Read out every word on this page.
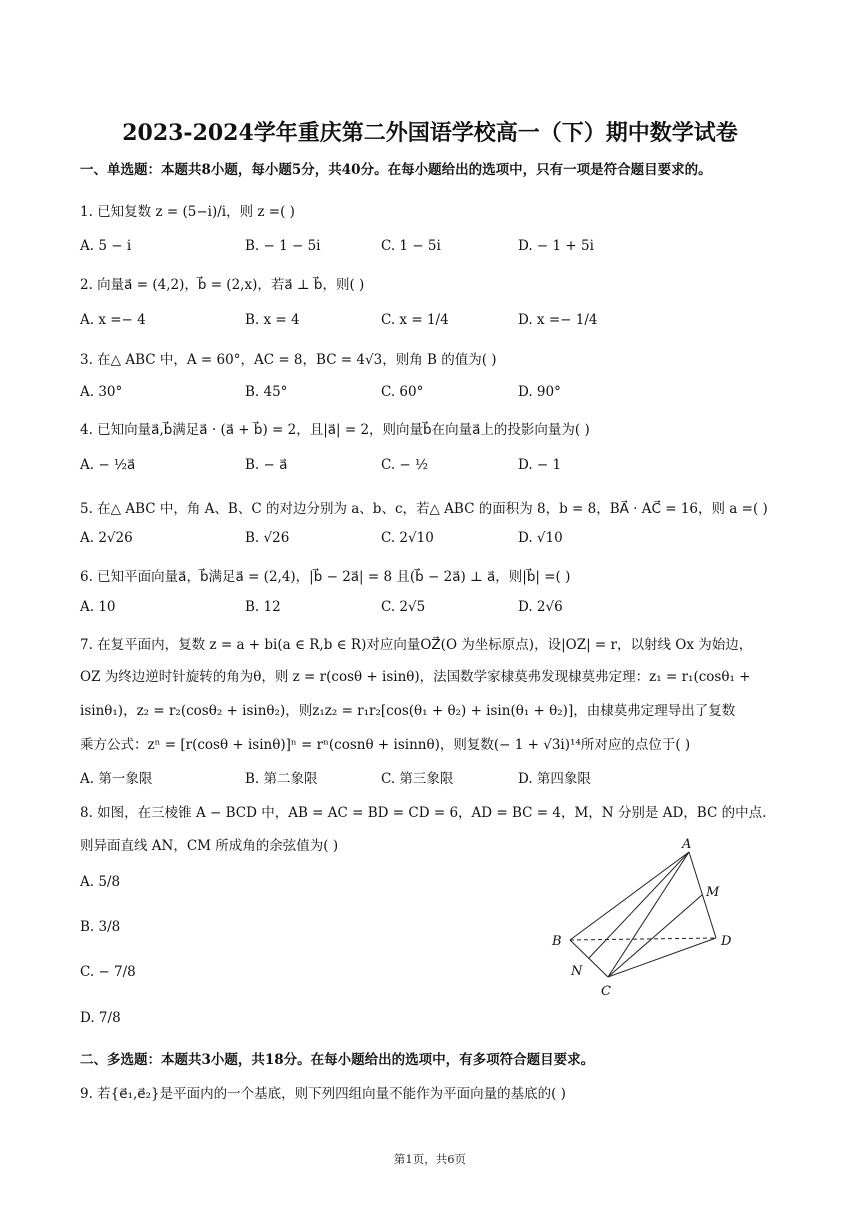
2023-2024学年重庆第二外国语学校高一（下）期中数学试卷
一、单选题：本题共8小题，每小题5分，共40分。在每小题给出的选项中，只有一项是符合题目要求的。
1. 已知复数 z = (5−i)/i，则 z =( )
A. 5 − i	B. − 1 − 5i	C. 1 − 5i	D. − 1 + 5i
2. 向量a⃗ = (4,2)，b⃗ = (2,x)，若a⃗ ⊥ b⃗，则( )
A. x =− 4	B. x = 4	C. x = 1/4	D. x =− 1/4
3. 在△ ABC 中，A = 60°，AC = 8，BC = 4√3，则角 B 的值为( )
A. 30°	B. 45°	C. 60°	D. 90°
4. 已知向量a⃗,b⃗满足a⃗ · (a⃗ + b⃗) = 2，且|a⃗| = 2，则向量b⃗在向量a⃗上的投影向量为( )
A. − ½a⃗	B. − a⃗	C. − ½	D. − 1
5. 在△ ABC 中，角 A、B、C 的对边分别为 a、b、c，若△ ABC 的面积为 8，b = 8，BA⃗ · AC⃗ = 16，则 a =( )
A. 2√26	B. √26	C. 2√10	D. √10
6. 已知平面向量a⃗，b⃗满足a⃗ = (2,4)，|b⃗ − 2a⃗| = 8 且(b⃗ − 2a⃗) ⊥ a⃗，则|b⃗| =( )
A. 10	B. 12	C. 2√5	D. 2√6
7. 在复平面内，复数 z = a + bi(a ∈ R,b ∈ R)对应向量OZ⃗(O 为坐标原点)，设|OZ| = r，以射线 Ox 为始边，
OZ 为终边逆时针旋转的角为θ，则 z = r(cosθ + isinθ)，法国数学家棣莫弗发现棣莫弗定理：z₁ = r₁(cosθ₁ +
isinθ₁)，z₂ = r₂(cosθ₂ + isinθ₂)，则z₁z₂ = r₁r₂[cos(θ₁ + θ₂) + isin(θ₁ + θ₂)]，由棣莫弗定理导出了复数
乘方公式：zⁿ = [r(cosθ + isinθ)]ⁿ = rⁿ(cosnθ + isinnθ)，则复数(− 1 + √3i)¹⁴所对应的点位于( )
A. 第一象限	B. 第二象限	C. 第三象限	D. 第四象限
8. 如图，在三棱锥 A − BCD 中，AB = AC = BD = CD = 6，AD = BC = 4，M，N 分别是 AD，BC 的中点.
则异面直线 AN，CM 所成角的余弦值为( )
A. 5/8
B. 3/8
C. − 7/8
D. 7/8
A
B
C
D
M
N
二、多选题：本题共3小题，共18分。在每小题给出的选项中，有多项符合题目要求。
9. 若{e⃗₁,e⃗₂}是平面内的一个基底，则下列四组向量不能作为平面向量的基底的( )
第1页，共6页
